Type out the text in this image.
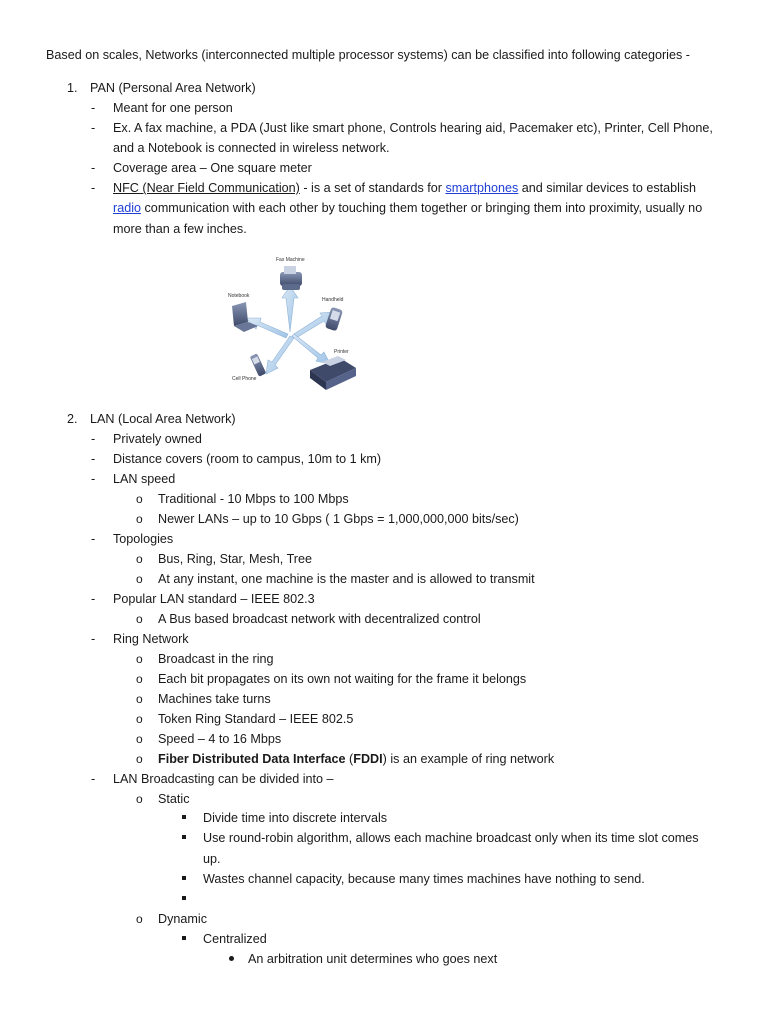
Based on scales, Networks (interconnected multiple processor systems) can be classified into following categories -
1. PAN (Personal Area Network)
- Meant for one person
- Ex. A fax machine, a PDA (Just like smart phone, Controls hearing aid, Pacemaker etc), Printer, Cell Phone,
and a Notebook is connected in wireless network.
- Coverage area – One square meter
- NFC (Near Field Communication) - is a set of standards for smartphones and similar devices to establish
radio communication with each other by touching them together or bringing them into proximity, usually no
more than a few inches.
Fax Machine
Notebook
Handheld
Cell Phone
Printer
2. LAN (Local Area Network)
- Privately owned
- Distance covers (room to campus, 10m to 1 km)
- LAN speed
o Traditional - 10 Mbps to 100 Mbps
o Newer LANs – up to 10 Gbps ( 1 Gbps = 1,000,000,000 bits/sec)
- Topologies
o Bus, Ring, Star, Mesh, Tree
o At any instant, one machine is the master and is allowed to transmit
- Popular LAN standard – IEEE 802.3
o A Bus based broadcast network with decentralized control
- Ring Network
o Broadcast in the ring
o Each bit propagates on its own not waiting for the frame it belongs
o Machines take turns
o Token Ring Standard – IEEE 802.5
o Speed – 4 to 16 Mbps
o Fiber Distributed Data Interface (FDDI) is an example of ring network
- LAN Broadcasting can be divided into –
o Static
Divide time into discrete intervals
Use round-robin algorithm, allows each machine broadcast only when its time slot comes
up.
Wastes channel capacity, because many times machines have nothing to send.
o Dynamic
Centralized
An arbitration unit determines who goes next
